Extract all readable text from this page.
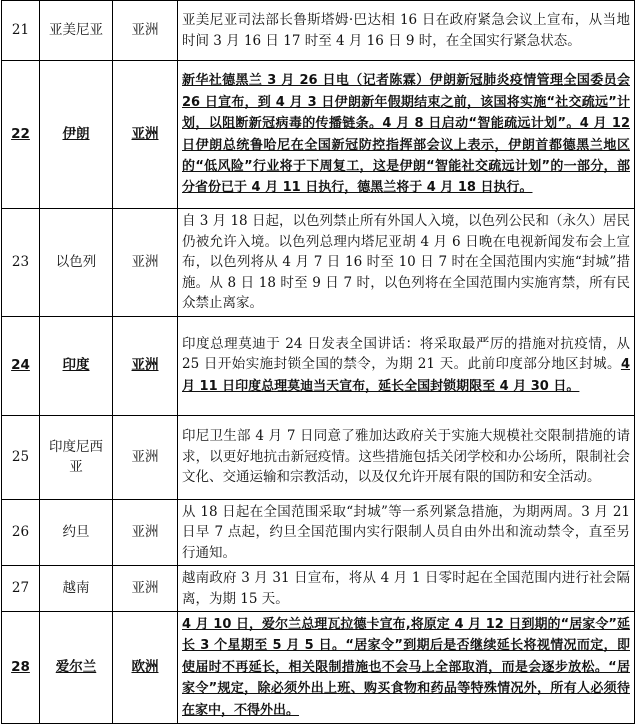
21	亚美尼亚	亚洲	亚美尼亚司法部长鲁斯塔姆·巴达相 16 日在政府紧急会议上宣布，从当地时间 3 月 16 日 17 时至 4 月 16 日 9 时，在全国实行紧急状态。
22	伊朗	亚洲	新华社德黑兰 3 月 26 日电（记者陈霖）伊朗新冠肺炎疫情管理全国委员会 26 日宣布，到 4 月 3 日伊朗新年假期结束之前，该国将实施“社交疏远”计划，以阻断新冠病毒的传播链条。4 月 8 日启动“智能疏远计划”。4 月 12 日伊朗总统鲁哈尼在全国新冠防控指挥部会议上表示，伊朗首都德黑兰地区的“低风险”行业将于下周复工，这是伊朗“智能社交疏远计划”的一部分，部分省份已于 4 月 11 日执行，德黑兰将于 4 月 18 日执行。
23	以色列	亚洲	自 3 月 18 日起，以色列禁止所有外国人入境，以色列公民和（永久）居民仍被允许入境。以色列总理内塔尼亚胡 4 月 6 日晚在电视新闻发布会上宣布，以色列将从 4 月 7 日 16 时至 10 日 7 时在全国范围内实施“封城”措施。从 8 日 18 时至 9 日 7 时，以色列将在全国范围内实施宵禁，所有民众禁止离家。
24	印度	亚洲	印度总理莫迪于 24 日发表全国讲话：将采取最严厉的措施对抗疫情，从 25 日开始实施封锁全国的禁令，为期 21 天。此前印度部分地区封城。4 月 11 日印度总理莫迪当天宣布，延长全国封锁期限至 4 月 30 日。
25	印度尼西亚	亚洲	印尼卫生部 4 月 7 日同意了雅加达政府关于实施大规模社交限制措施的请求，以更好地抗击新冠疫情。这些措施包括关闭学校和办公场所，限制社会文化、交通运输和宗教活动，以及仅允许开展有限的国防和安全活动。
26	约旦	亚洲	从 18 日起在全国范围采取“封城”等一系列紧急措施，为期两周。3 月 21 日早 7 点起，约旦全国范围内实行限制人员自由外出和流动禁令，直至另行通知。
27	越南	亚洲	越南政府 3 月 31 日宣布，将从 4 月 1 日零时起在全国范围内进行社会隔离，为期 15 天。
28	爱尔兰	欧洲	4 月 10 日，爱尔兰总理瓦拉德卡宣布,将原定 4 月 12 日到期的“居家令”延长 3 个星期至 5 月 5 日。“居家令”到期后是否继续延长将视情况而定，即使届时不再延长，相关限制措施也不会马上全部取消，而是会逐步放松。“居家令”规定，除必须外出上班、购买食物和药品等特殊情况外，所有人必须待在家中，不得外出。
